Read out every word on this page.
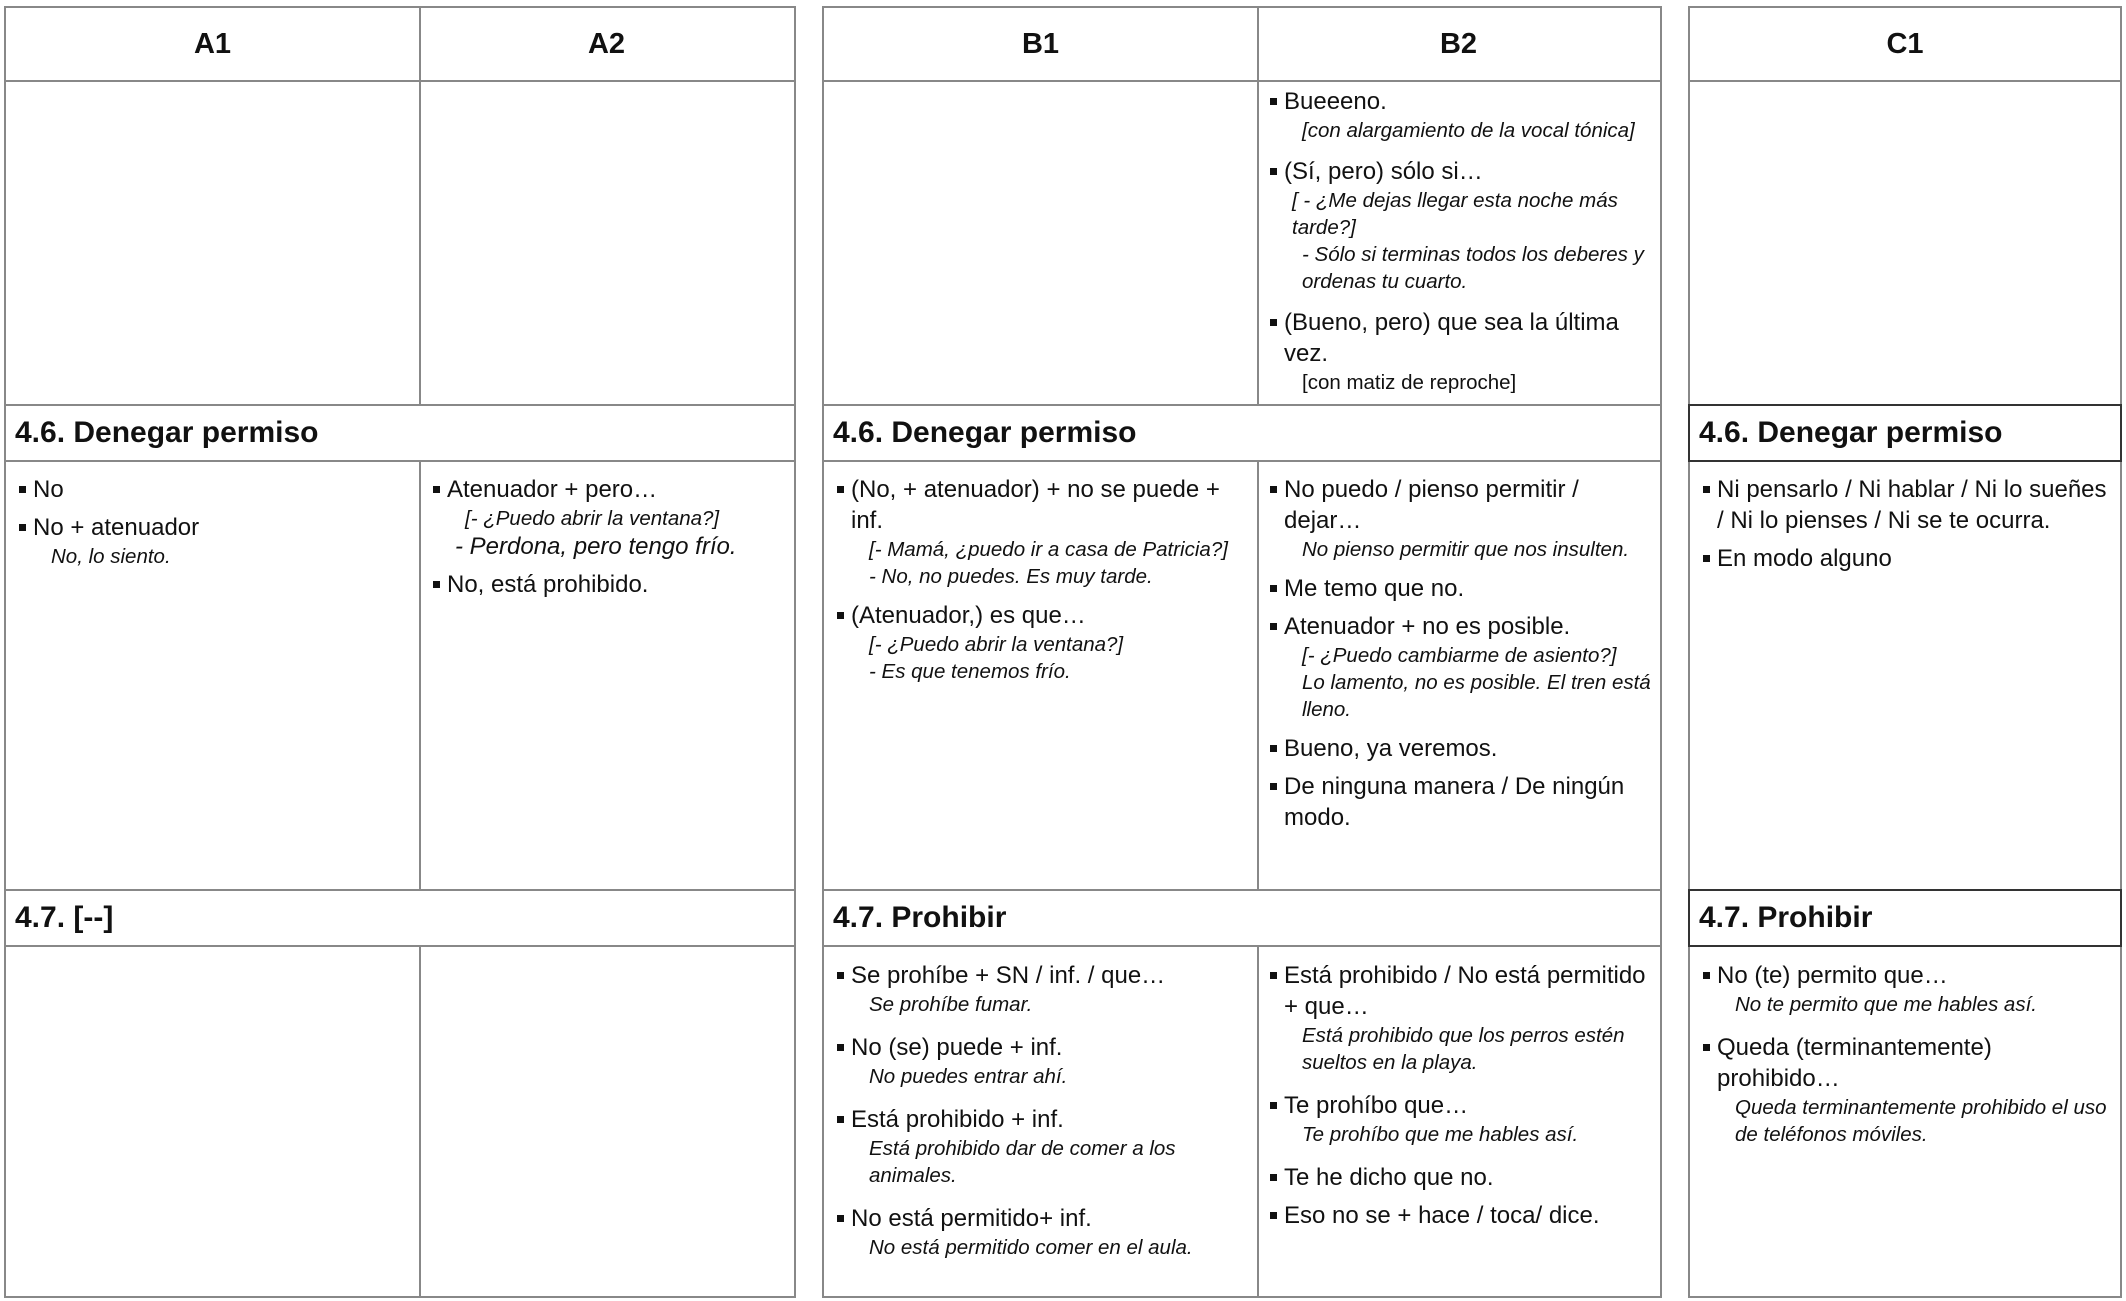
A1	A2
4.6. Denegar permiso
4.7. [--]
No
No + atenuador
No, lo siento.
Atenuador + pero…
[- ¿Puedo abrir la ventana?]
- Perdona, pero tengo frío.
No, está prohibido.
B1	B2
4.6. Denegar permiso
4.7. Prohibir
Bueeeno.
[con alargamiento de la vocal tónica]
(Sí, pero) sólo si…
[ - ¿Me dejas llegar esta noche más tarde?]
- Sólo si terminas todos los deberes y ordenas tu cuarto.
(Bueno, pero) que sea la última vez.
[con matiz de reproche]
(No, + atenuador) + no se puede + inf.
[- Mamá, ¿puedo ir a casa de Patricia?]
- No, no puedes. Es muy tarde.
(Atenuador,) es que…
[- ¿Puedo abrir la ventana?]
- Es que tenemos frío.
No puedo / pienso permitir / dejar…
No pienso permitir que nos insulten.
Me temo que no.
Atenuador + no es posible.
[- ¿Puedo cambiarme de asiento?]
Lo lamento, no es posible. El tren está lleno.
Bueno, ya veremos.
De ninguna manera / De ningún modo.
Se prohíbe + SN / inf. / que…
Se prohíbe fumar.
No (se) puede + inf.
No puedes entrar ahí.
Está prohibido + inf.
Está prohibido dar de comer a los animales.
No está permitido+ inf.
No está permitido comer en el aula.
Está prohibido / No está permitido + que…
Está prohibido que los perros estén sueltos en la playa.
Te prohíbo que…
Te prohíbo que me hables así.
Te he dicho que no.
Eso no se + hace / toca/ dice.
C1
4.6. Denegar permiso
4.7. Prohibir
Ni pensarlo / Ni hablar / Ni lo sueñes / Ni lo pienses / Ni se te ocurra.
En modo alguno
No (te) permito que…
No te permito que me hables así.
Queda (terminantemente) prohibido…
Queda terminantemente prohibido el uso de teléfonos móviles.
